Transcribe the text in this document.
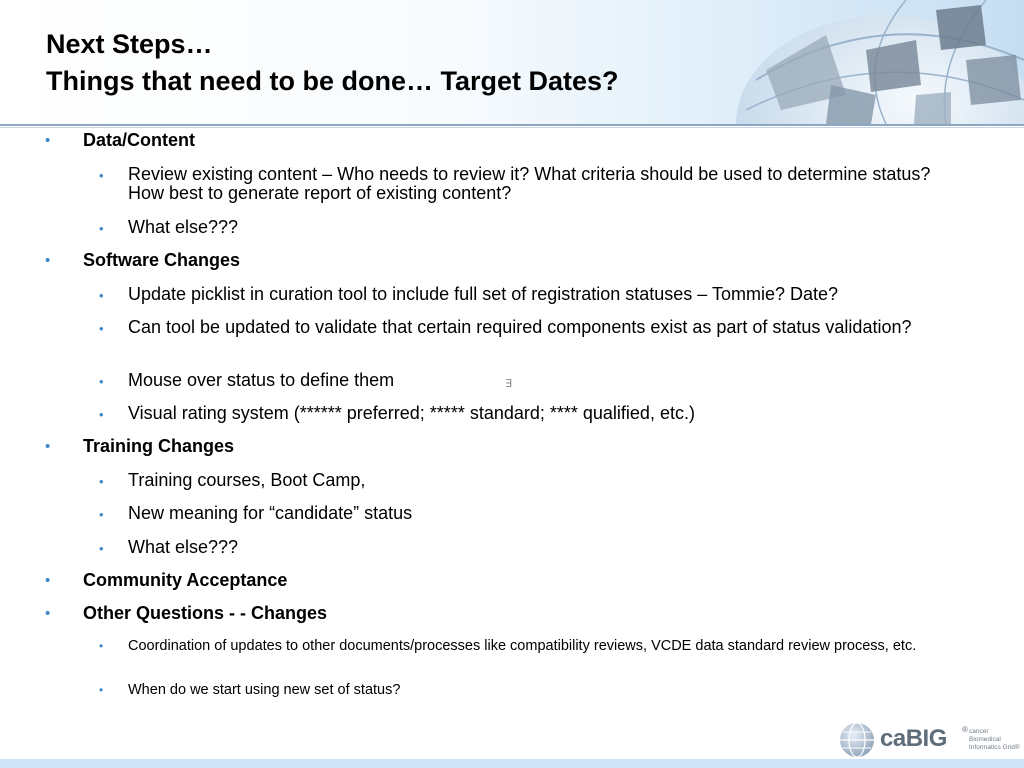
Next Steps…
Things that need to be done… Target Dates?
• Data/Content
• Review existing content – Who needs to review it? What criteria should be used to determine status? How best to generate report of existing content?
• What else???
• Software Changes
• Update picklist in curation tool to include full set of registration statuses – Tommie? Date?
• Can tool be updated to validate that certain required components exist as part of status validation?
• Mouse over status to define them
• Visual rating system (****** preferred; ***** standard; **** qualified, etc.)
• Training Changes
• Training courses, Boot Camp,
• New meaning for “candidate” status
• What else???
• Community Acceptance
• Other Questions - - Changes
• Coordination of updates to other documents/processes like compatibility reviews, VCDE data standard review process, etc.
• When do we start using new set of status?
∃
caBIG ® cancer Biomedical
Informatics Grid®
